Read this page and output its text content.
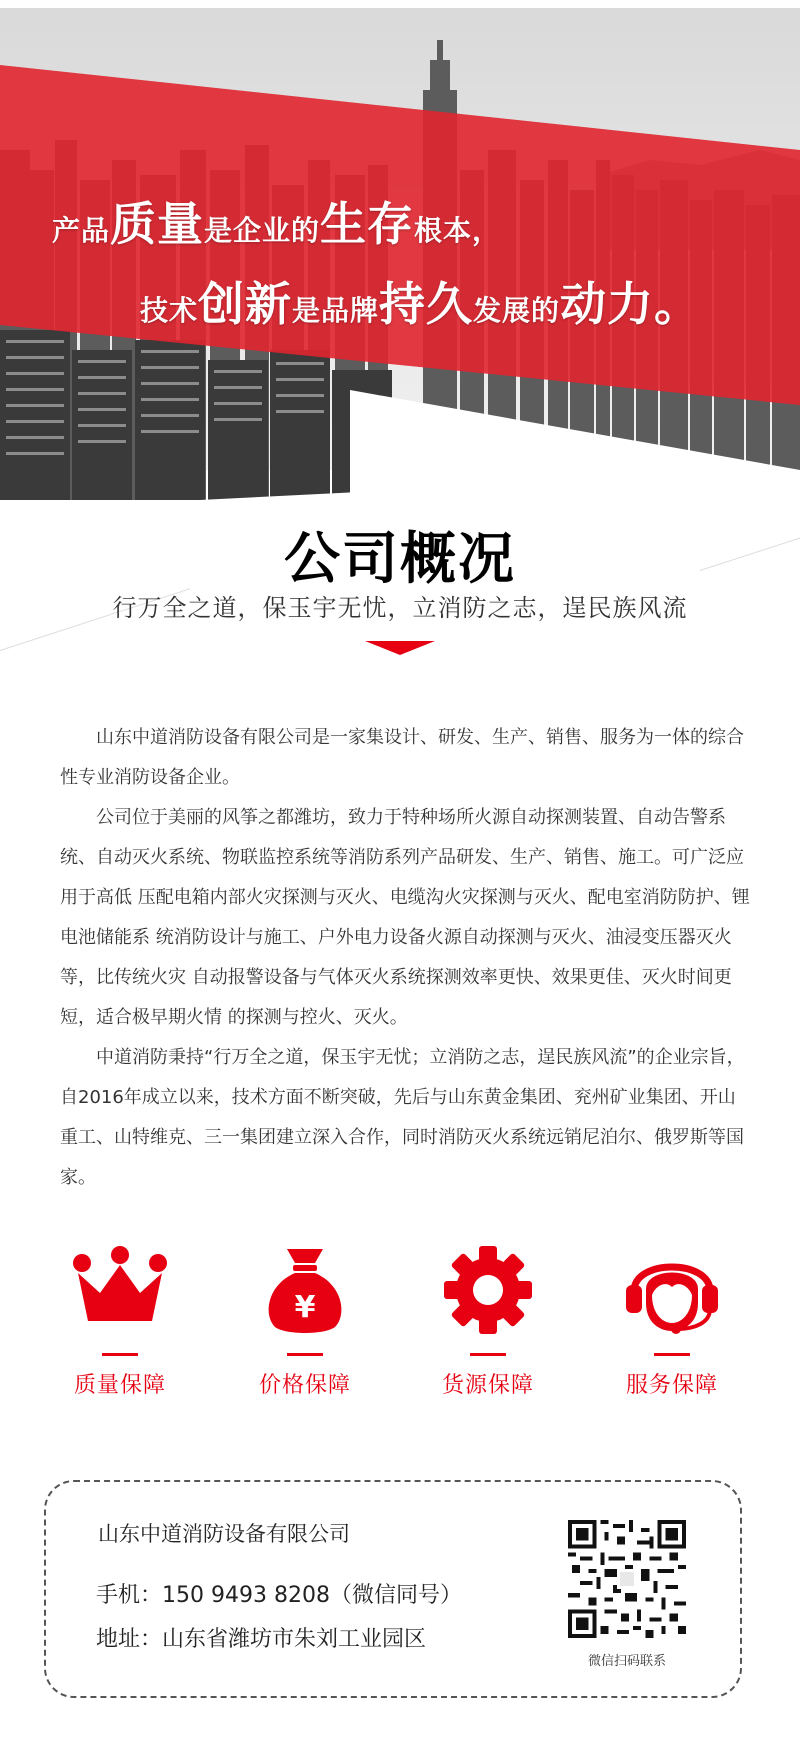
产品质量是企业的生存根本，
技术创新是品牌持久发展的动力。
公司概况
行万全之道，保玉宇无忧，立消防之志，逞民族风流

山东中道消防设备有限公司是一家集设计、研发、生产、销售、服务为一体的综合性专业消防设备企业。

公司位于美丽的风筝之都潍坊，致力于特种场所火源自动探测装置、自动告警系统、自动灭火系统、物联监控系统等消防系列产品研发、生产、销售、施工。可广泛应用于高低 压配电箱内部火灾探测与灭火、电缆沟火灾探测与灭火、配电室消防防护、锂电池储能系 统消防设计与施工、户外电力设备火源自动探测与灭火、油浸变压器灭火等，比传统火灾 自动报警设备与气体灭火系统探测效率更快、效果更佳、灭火时间更短，适合极早期火情 的探测与控火、灭火。

中道消防秉持“行万全之道，保玉宇无忧；立消防之志，逞民族风流”的企业宗旨，自2016年成立以来，技术方面不断突破，先后与山东黄金集团、兖州矿业集团、开山重工、山特维克、三一集团建立深入合作，同时消防灭火系统远销尼泊尔、俄罗斯等国家。

质量保障
¥
价格保障	货源保障	服务保障
山东中道消防设备有限公司
手机：150 9493 8208（微信同号）
地址：山东省潍坊市朱刘工业园区
微信扫码联系
